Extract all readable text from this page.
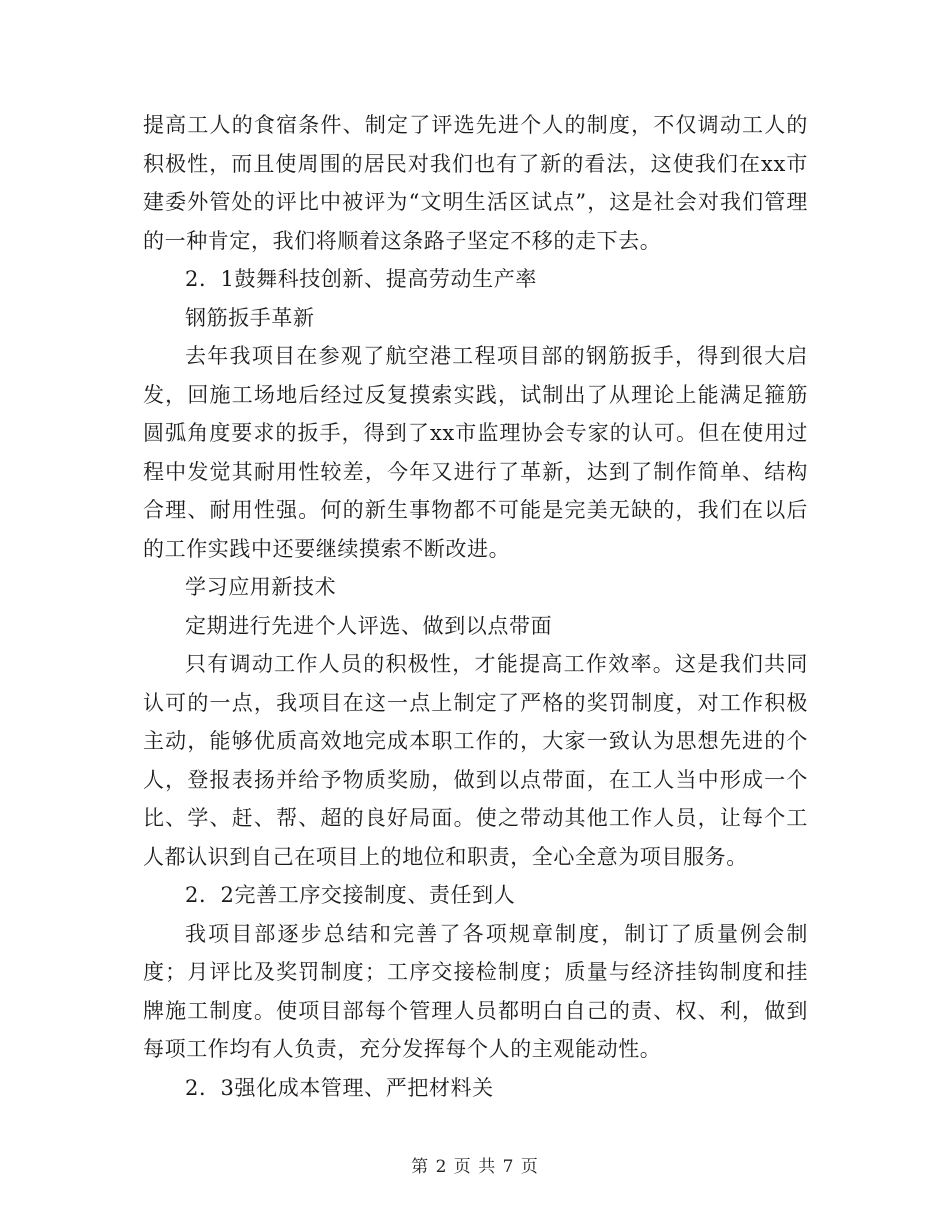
提高工人的食宿条件、制定了评选先进个人的制度，不仅调动工人的积极性，而且使周围的居民对我们也有了新的看法，这使我们在xx市建委外管处的评比中被评为“文明生活区试点”，这是社会对我们管理的一种肯定，我们将顺着这条路子坚定不移的走下去。

2．1鼓舞科技创新、提高劳动生产率

钢筋扳手革新

去年我项目在参观了航空港工程项目部的钢筋扳手，得到很大启发，回施工场地后经过反复摸索实践，试制出了从理论上能满足箍筋圆弧角度要求的扳手，得到了xx市监理协会专家的认可。但在使用过程中发觉其耐用性较差，今年又进行了革新，达到了制作简单、结构合理、耐用性强。何的新生事物都不可能是完美无缺的，我们在以后的工作实践中还要继续摸索不断改进。

学习应用新技术

定期进行先进个人评选、做到以点带面

只有调动工作人员的积极性，才能提高工作效率。这是我们共同认可的一点，我项目在这一点上制定了严格的奖罚制度，对工作积极主动，能够优质高效地完成本职工作的，大家一致认为思想先进的个人，登报表扬并给予物质奖励，做到以点带面，在工人当中形成一个比、学、赶、帮、超的良好局面。使之带动其他工作人员，让每个工人都认识到自己在项目上的地位和职责，全心全意为项目服务。

2．2完善工序交接制度、责任到人

我项目部逐步总结和完善了各项规章制度，制订了质量例会制度；月评比及奖罚制度；工序交接检制度；质量与经济挂钩制度和挂牌施工制度。使项目部每个管理人员都明白自己的责、权、利，做到每项工作均有人负责，充分发挥每个人的主观能动性。

2．3强化成本管理、严把材料关

第 2 页 共 7 页
